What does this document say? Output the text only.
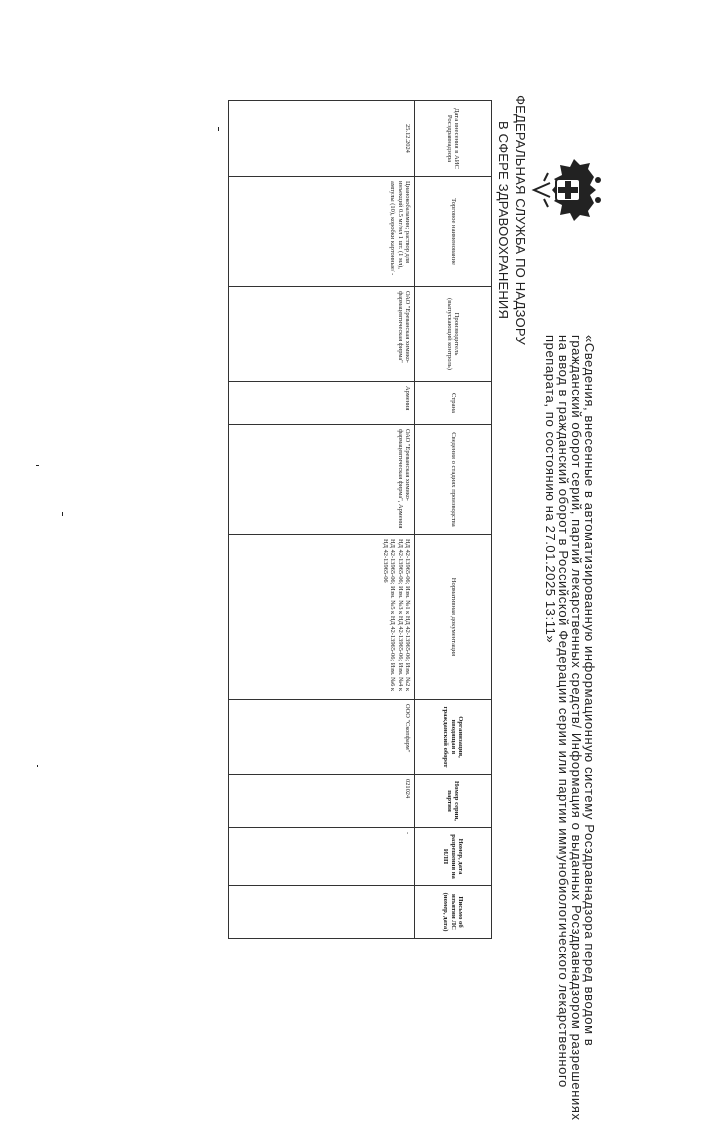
ФЕДЕРАЛЬНАЯ СЛУЖБА ПО НАДЗОРУ
В СФЕРЕ ЗДРАВООХРАНЕНИЯ
«Сведения, внесенные в автоматизированную информационную систему Росздравнадзора перед вводом в
гражданский оборот серий, партий лекарственных средств/ Информация о выданных Росздравнадзором разрешениях
на ввод в гражданский оборот в Российской Федерации серии или партии иммунобиологического лекарственного
препарата, по состоянию на 27.01.2025 13:11»
Дата внесения в АИС Росздравнадзора	Торговое наименование	Производитель (выпускающий контроль)	Страна	Сведения о стадиях производства	Нормативная документация	Организация, вводящая в гражданский оборот	Номер серии, партии	Номер, дата разрешения на ИЛП	Письмо об изъятии ЛС (номер, дата)
25.12.2024	Цианокобаламин; раствор для инъекций 0.5 мг/мл 1 шт. (1 мл), ампулы (10), коробки картонные/ -	ОАО "Ереванская химико-фармацевтическая фирма"	Армения	ОАО "Ереванская химико-фармацевтическая фирма", Армения	НД 42-13965-06; Изм. №1 к НД 42-13965-06; Изм. №2 к НД 42-13965-06; Изм. №3 к НД 42-13965-06; Изм. №4 к НД 42-13965-06; Изм. №5 к НД 42-13965-06; Изм. №6 к НД 42-13965-06	ООО "Скопфарм"	021024	-	
